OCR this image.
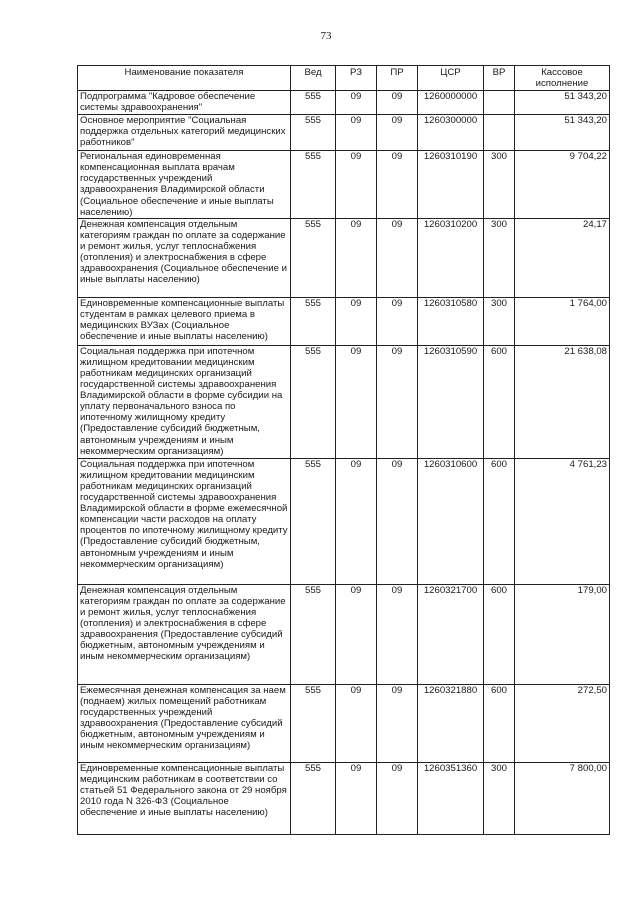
73
Наименование показателя	Вед	РЗ	ПР	ЦСР	ВР	Кассовое исполнение
Подпрограмма "Кадровое обеспечение системы здравоохранения"	555	09	09	1260000000		51 343,20
Основное мероприятие "Социальная поддержка отдельных категорий медицинских работников"	555	09	09	1260300000		51 343,20
Региональная единовременная компенсационная выплата врачам государственных учреждений здравоохранения Владимирской области (Социальное обеспечение и иные выплаты населению)	555	09	09	1260310190	300	9 704,22
Денежная компенсация отдельным категориям граждан по оплате за содержание и ремонт жилья, услуг теплоснабжения (отопления) и электроснабжения в сфере здравоохранения (Социальное обеспечение и иные выплаты населению)	555	09	09	1260310200	300	24,17
Единовременные компенсационные выплаты студентам в рамках целевого приема в медицинских ВУЗах (Социальное обеспечение и иные выплаты населению)	555	09	09	1260310580	300	1 764,00
Социальная поддержка при ипотечном жилищном кредитовании медицинским работникам медицинских организаций государственной системы здравоохранения Владимирской области в форме субсидии на уплату первоначального взноса по ипотечному жилищному кредиту (Предоставление субсидий бюджетным, автономным учреждениям и иным некоммерческим организациям)	555	09	09	1260310590	600	21 638,08
Социальная поддержка при ипотечном жилищном кредитовании медицинским работникам медицинских организаций государственной системы здравоохранения Владимирской области в форме ежемесячной компенсации части расходов на оплату процентов по ипотечному жилищному кредиту (Предоставление субсидий бюджетным, автономным учреждениям и иным некоммерческим организациям)	555	09	09	1260310600	600	4 761,23
Денежная компенсация отдельным категориям граждан по оплате за содержание и ремонт жилья, услуг теплоснабжения (отопления) и электроснабжения в сфере здравоохранения (Предоставление субсидий бюджетным, автономным учреждениям и иным некоммерческим организациям)	555	09	09	1260321700	600	179,00
Ежемесячная денежная компенсация за наем (поднаем) жилых помещений работникам государственных учреждений здравоохранения (Предоставление субсидий бюджетным, автономным учреждениям и иным некоммерческим организациям)	555	09	09	1260321880	600	272,50
Единовременные компенсационные выплаты медицинским работникам в соответствии со статьей 51 Федерального закона от 29 ноября 2010 года N 326-ФЗ (Социальное обеспечение и иные выплаты населению)	555	09	09	1260351360	300	7 800,00
